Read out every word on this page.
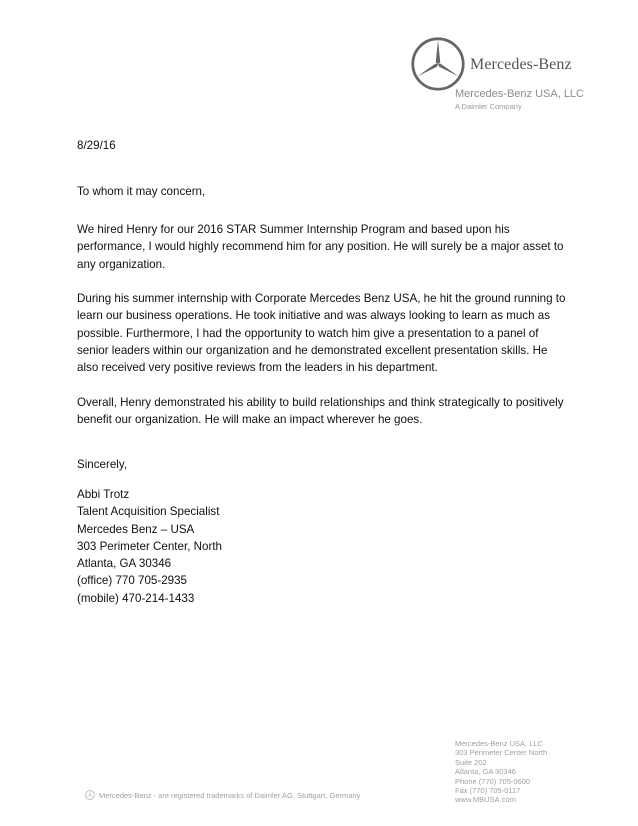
Mercedes-Benz
Mercedes-Benz USA, LLC
A Daimler Company
8/29/16
To whom it may concern,

We hired Henry for our 2016 STAR Summer Internship Program and based upon his performance, I would highly recommend him for any position. He will surely be a major asset to any organization.

During his summer internship with Corporate Mercedes Benz USA, he hit the ground running to learn our business operations. He took initiative and was always looking to learn as much as possible. Furthermore, I had the opportunity to watch him give a presentation to a panel of senior leaders within our organization and he demonstrated excellent presentation skills. He also received very positive reviews from the leaders in his department.

Overall, Henry demonstrated his ability to build relationships and think strategically to positively benefit our organization. He will make an impact wherever he goes.

Sincerely,
Abbi Trotz
Talent Acquisition Specialist
Mercedes Benz – USA
303 Perimeter Center, North
Atlanta, GA 30346
(office) 770 705-2935
(mobile) 470-214-1433
Mercedes-Benz USA, LLC
303 Perimeter Center North
Suite 202
Atlanta, GA 30346
Phone (770) 705-0600
Fax (770) 705-0117
www.MBUSA.com
Mercedes-Benz - are registered trademarks of Daimler AG, Stuttgart, Germany
